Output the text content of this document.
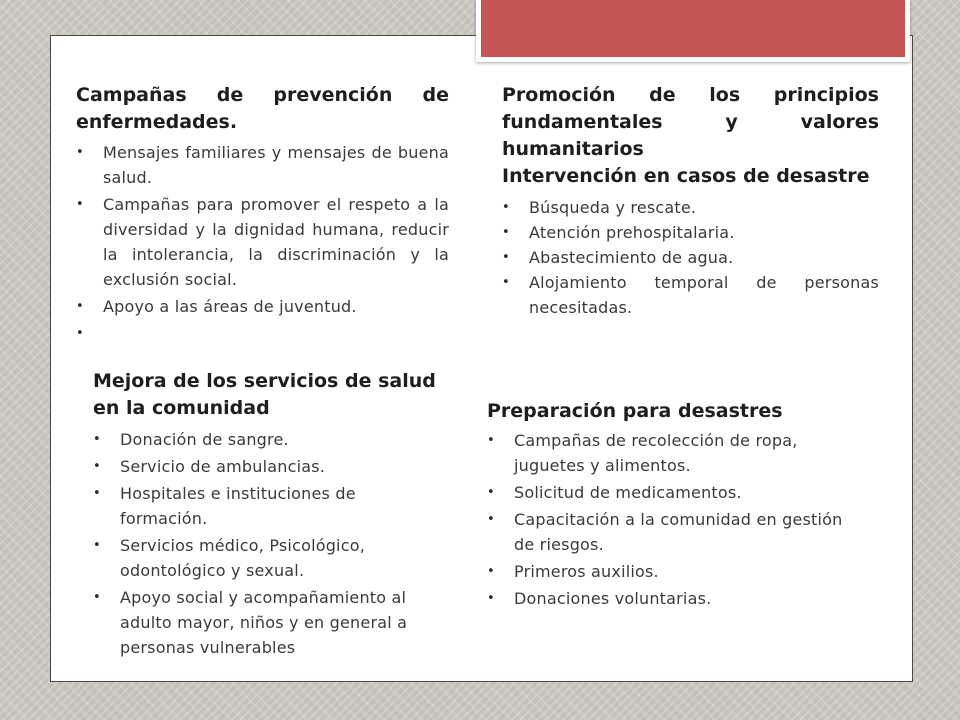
Campañas de prevención de enfermedades.

• Mensajes familiares y mensajes de buena salud.
• Campañas para promover el respeto a la diversidad y la dignidad humana, reducir la intolerancia, la discriminación y la exclusión social.
• Apoyo a las áreas de juventud.
•

Mejora de los servicios de salud en la comunidad

• Donación de sangre.
• Servicio de ambulancias.
• Hospitales e instituciones de formación.
• Servicios médico, Psicológico, odontológico y sexual.
• Apoyo social y acompañamiento al adulto mayor, niños y en general a personas vulnerables

Promoción de los principios fundamentales y valores humanitarios

Intervención en casos de desastre

• Búsqueda y rescate.
• Atención prehospitalaria.
• Abastecimiento de agua.
• Alojamiento temporal de personas necesitadas.

Preparación para desastres

• Campañas de recolección de ropa, juguetes y alimentos.
• Solicitud de medicamentos.
• Capacitación a la comunidad en gestión de riesgos.
• Primeros auxilios.
• Donaciones voluntarias.
